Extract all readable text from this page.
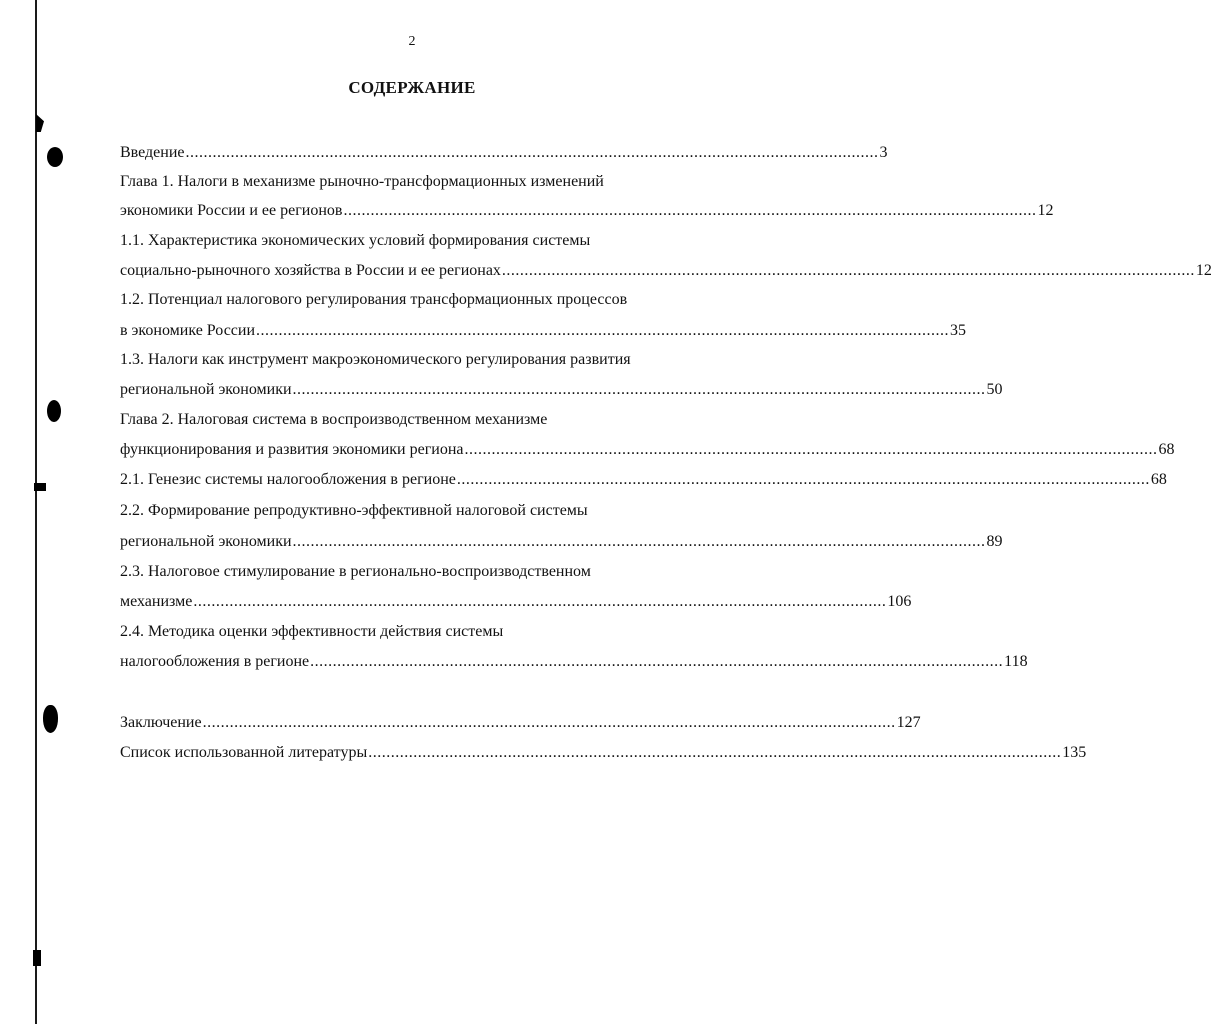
2
СОДЕРЖАНИЕ
Введение .......................................................................................................................................................... 3
Глава 1. Налоги в механизме рыночно-трансформационных изменений
экономики России и ее регионов .......................................................................................................................................................... 12
1.1. Характеристика экономических условий формирования системы
социально-рыночного хозяйства в России и ее регионах .......................................................................................................................................................... 12
1.2. Потенциал налогового регулирования трансформационных процессов
в экономике России .......................................................................................................................................................... 35
1.3. Налоги как инструмент макроэкономического регулирования развития
региональной экономики .......................................................................................................................................................... 50
Глава 2. Налоговая система в воспроизводственном механизме
функционирования и развития экономики региона .......................................................................................................................................................... 68
2.1. Генезис системы налогообложения в регионе .......................................................................................................................................................... 68
2.2. Формирование репродуктивно-эффективной налоговой системы
региональной экономики .......................................................................................................................................................... 89
2.3. Налоговое стимулирование в регионально-воспроизводственном
механизме .......................................................................................................................................................... 106
2.4. Методика оценки эффективности действия системы
налогообложения в регионе .......................................................................................................................................................... 118
Заключение .......................................................................................................................................................... 127
Список использованной литературы .......................................................................................................................................................... 135
